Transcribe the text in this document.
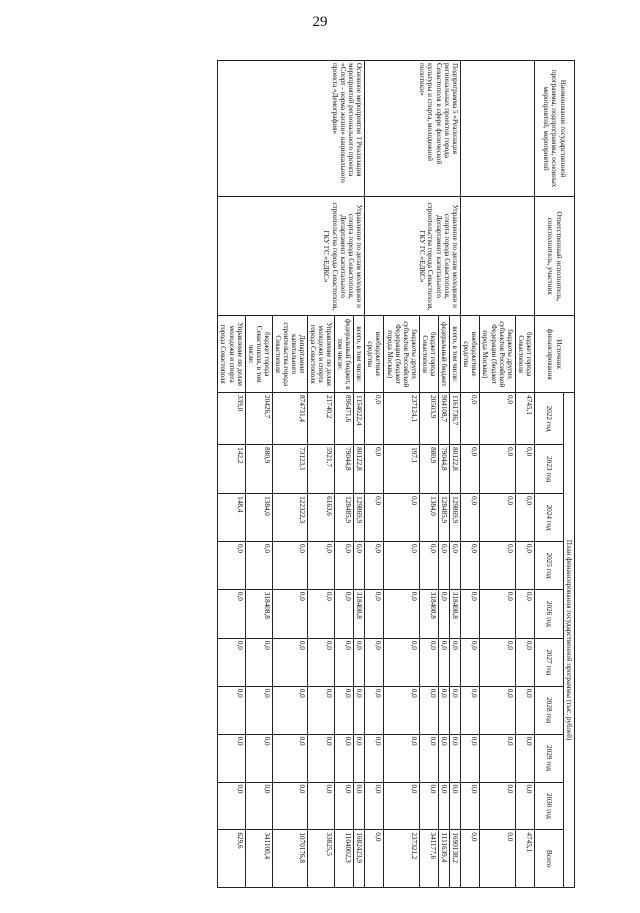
29
Наименование государственной программы, подпрограммы, основных мероприятий, мероприятий	Ответственный исполнитель, соисполнитель, участник	Источник финансирования	План финансирования государственной программы (тыс. рублей)									
			2022 год	2023 год	2024 год	2025 год	2026 год	2027 год	2028 год	2029 год	2030 год	Всего
		бюджет города Севастополя	4745,1	0,0	0,0	0,0	0,0	0,0	0,0	0,0	0,0	4745,1
		бюджеты других субъектов Российской Федерации (бюджет города Москвы)	0,0	0,0	0,0	0,0	0,0	0,0	0,0	0,0	0,0	0,0
		внебюджетные средства	0,0	0,0	0,0	0,0	0,0	0,0	0,0	0,0	0,0	0,0
Подпрограмма 5 «Реализация региональных проектов города Севастополя в сфере физической культуры и спорта, молодежной политики»	Управление по делам молодежи и спорта города Севастополя, Департамент капитального строительства города Севастополя, ГКУ ГС «ЕДКС»	всего, в том числе:	1161736,7	80122,8	129869,9	0,0	318408,8	0,0	0,0	0,0	0,0	1690138,2
		федеральный бюджет	904108,7	79044,8	128485,9	0,0	0,0	0,0	0,0	0,0	0,0	1111639,4
		бюджет города Севастополя	20503,9	880,9	1384,0	0,0	318408,8	0,0	0,0	0,0	0,0	341177,6
		бюджеты других субъектов Российской Федерации (бюджет города Москвы)	237124,1	197,1	0,0	0,0	0,0	0,0	0,0	0,0	0,0	237321,2
		внебюджетные средства	0,0	0,0	0,0	0,0	0,0	0,0	0,0	0,0	0,0	0,0
Основное мероприятие 1 Реализация мероприятий регионального проекта «Спорт - норма жизни» национального проекта «Демография»	Управление по делам молодежи и спорта города Севастополя, Департамент капитального строительства города Севастополя, ГКУ ГС «ЕДКС»	всего, в том числе:	1154022,4	80122,8	129869,9	0,0	318408,8	0,0	0,0	0,0	0,0	1682423,9
		федеральный бюджет, в том числе:	896471,6	79044,8	128485,9	0,0	0,0	0,0	0,0	0,0	0,0	1104002,3
		Управление по делам молодежи и спорта города Севастополя	21740,2	5921,7	6163,6	0,0	0,0	0,0	0,0	0,0	0,0	33825,5
		Департамент капитального строительства города Севастополя	874731,4	73123,1	122322,3	0,0	0,0	0,0	0,0	0,0	0,0	1070176,8
		бюджет города Севастополя, в том числе:	20426,7	880,9	1384,0	0,0	318408,8	0,0	0,0	0,0	0,0	341100,4
		Управление по делам молодежи и спорта города Севастополя	339,0	142,2	148,4	0,0	0,0	0,0	0,0	0,0	0,0	629,6
